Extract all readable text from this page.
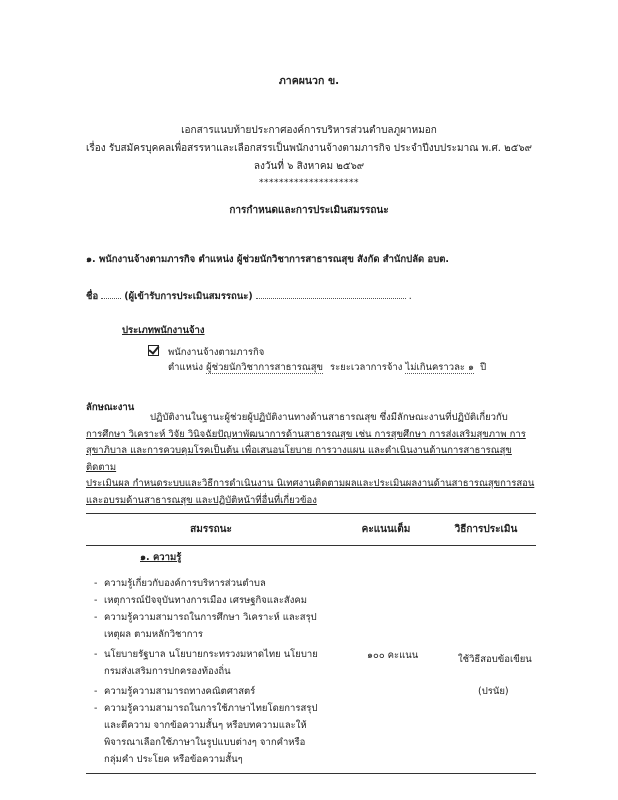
ภาคผนวก ข.
เอกสารแนบท้ายประกาศองค์การบริหารส่วนตำบลภูผาหมอก
เรื่อง รับสมัครบุคคลเพื่อสรรหาและเลือกสรรเป็นพนักงานจ้างตามภารกิจ ประจำปีงบประมาณ พ.ศ. ๒๕๖๙
ลงวันที่ ๖ สิงหาคม ๒๕๖๙
********************
การกำหนดและการประเมินสมรรถนะ
๑. พนักงานจ้างตามภารกิจ ตำแหน่ง ผู้ช่วยนักวิชาการสาธารณสุข สังกัด สำนักปลัด อบต.
ชื่อ	(ผู้เข้ารับการประเมินสมรรถนะ)	.
ประเภทพนักงานจ้าง
พนักงานจ้างตามภารกิจ
ตำแหน่ง ผู้ช่วยนักวิชาการสาธารณสุข ระยะเวลาการจ้าง ไม่เกินคราวละ ๑ ปี
ลักษณะงาน
ปฏิบัติงานในฐานะผู้ช่วยผู้ปฏิบัติงานทางด้านสาธารณสุข ซึ่งมีลักษณะงานที่ปฏิบัติเกี่ยวกับ
การศึกษา วิเคราะห์ วิจัย วินิจฉัยปัญหาพัฒนาการด้านสาธารณสุข เช่น การสุขศึกษา การส่งเสริมสุขภาพ การ
สุขาภิบาล และการควบคุมโรคเป็นต้น เพื่อเสนอนโยบาย การวางแผน และดำเนินงานด้านการสาธารณสุข ติดตาม
ประเมินผล กำหนดระบบและวิธีการดำเนินงาน นิเทศงานติดตามผลและประเมินผลงานด้านสาธารณสุขการสอน
และอบรมด้านสาธารณสุข และปฏิบัติหน้าที่อื่นที่เกี่ยวข้อง
สมรรถนะ	คะแนนเต็ม	วิธีการประเมิน
๑. ความรู้
- ความรู้เกี่ยวกับองค์การบริหารส่วนตำบล
- เหตุการณ์ปัจจุบันทางการเมือง เศรษฐกิจและสังคม
- ความรู้ความสามารถในการศึกษา วิเคราะห์ และสรุป
เหตุผล ตามหลักวิชาการ
- นโยบายรัฐบาล นโยบายกระทรวงมหาดไทย นโยบาย
กรมส่งเสริมการปกครองท้องถิ่น
- ความรู้ความสามารถทางคณิตศาสตร์
- ความรู้ความสามารถในการใช้ภาษาไทยโดยการสรุป
และตีความ จากข้อความสั้นๆ หรือบทความและให้
พิจารณาเลือกใช้ภาษาในรูปแบบต่างๆ จากคำหรือ
กลุ่มคำ ประโยค หรือข้อความสั้นๆ
๑๐๐ คะแนน	ใช้วิธีสอบข้อเขียน
(ปรนัย)
